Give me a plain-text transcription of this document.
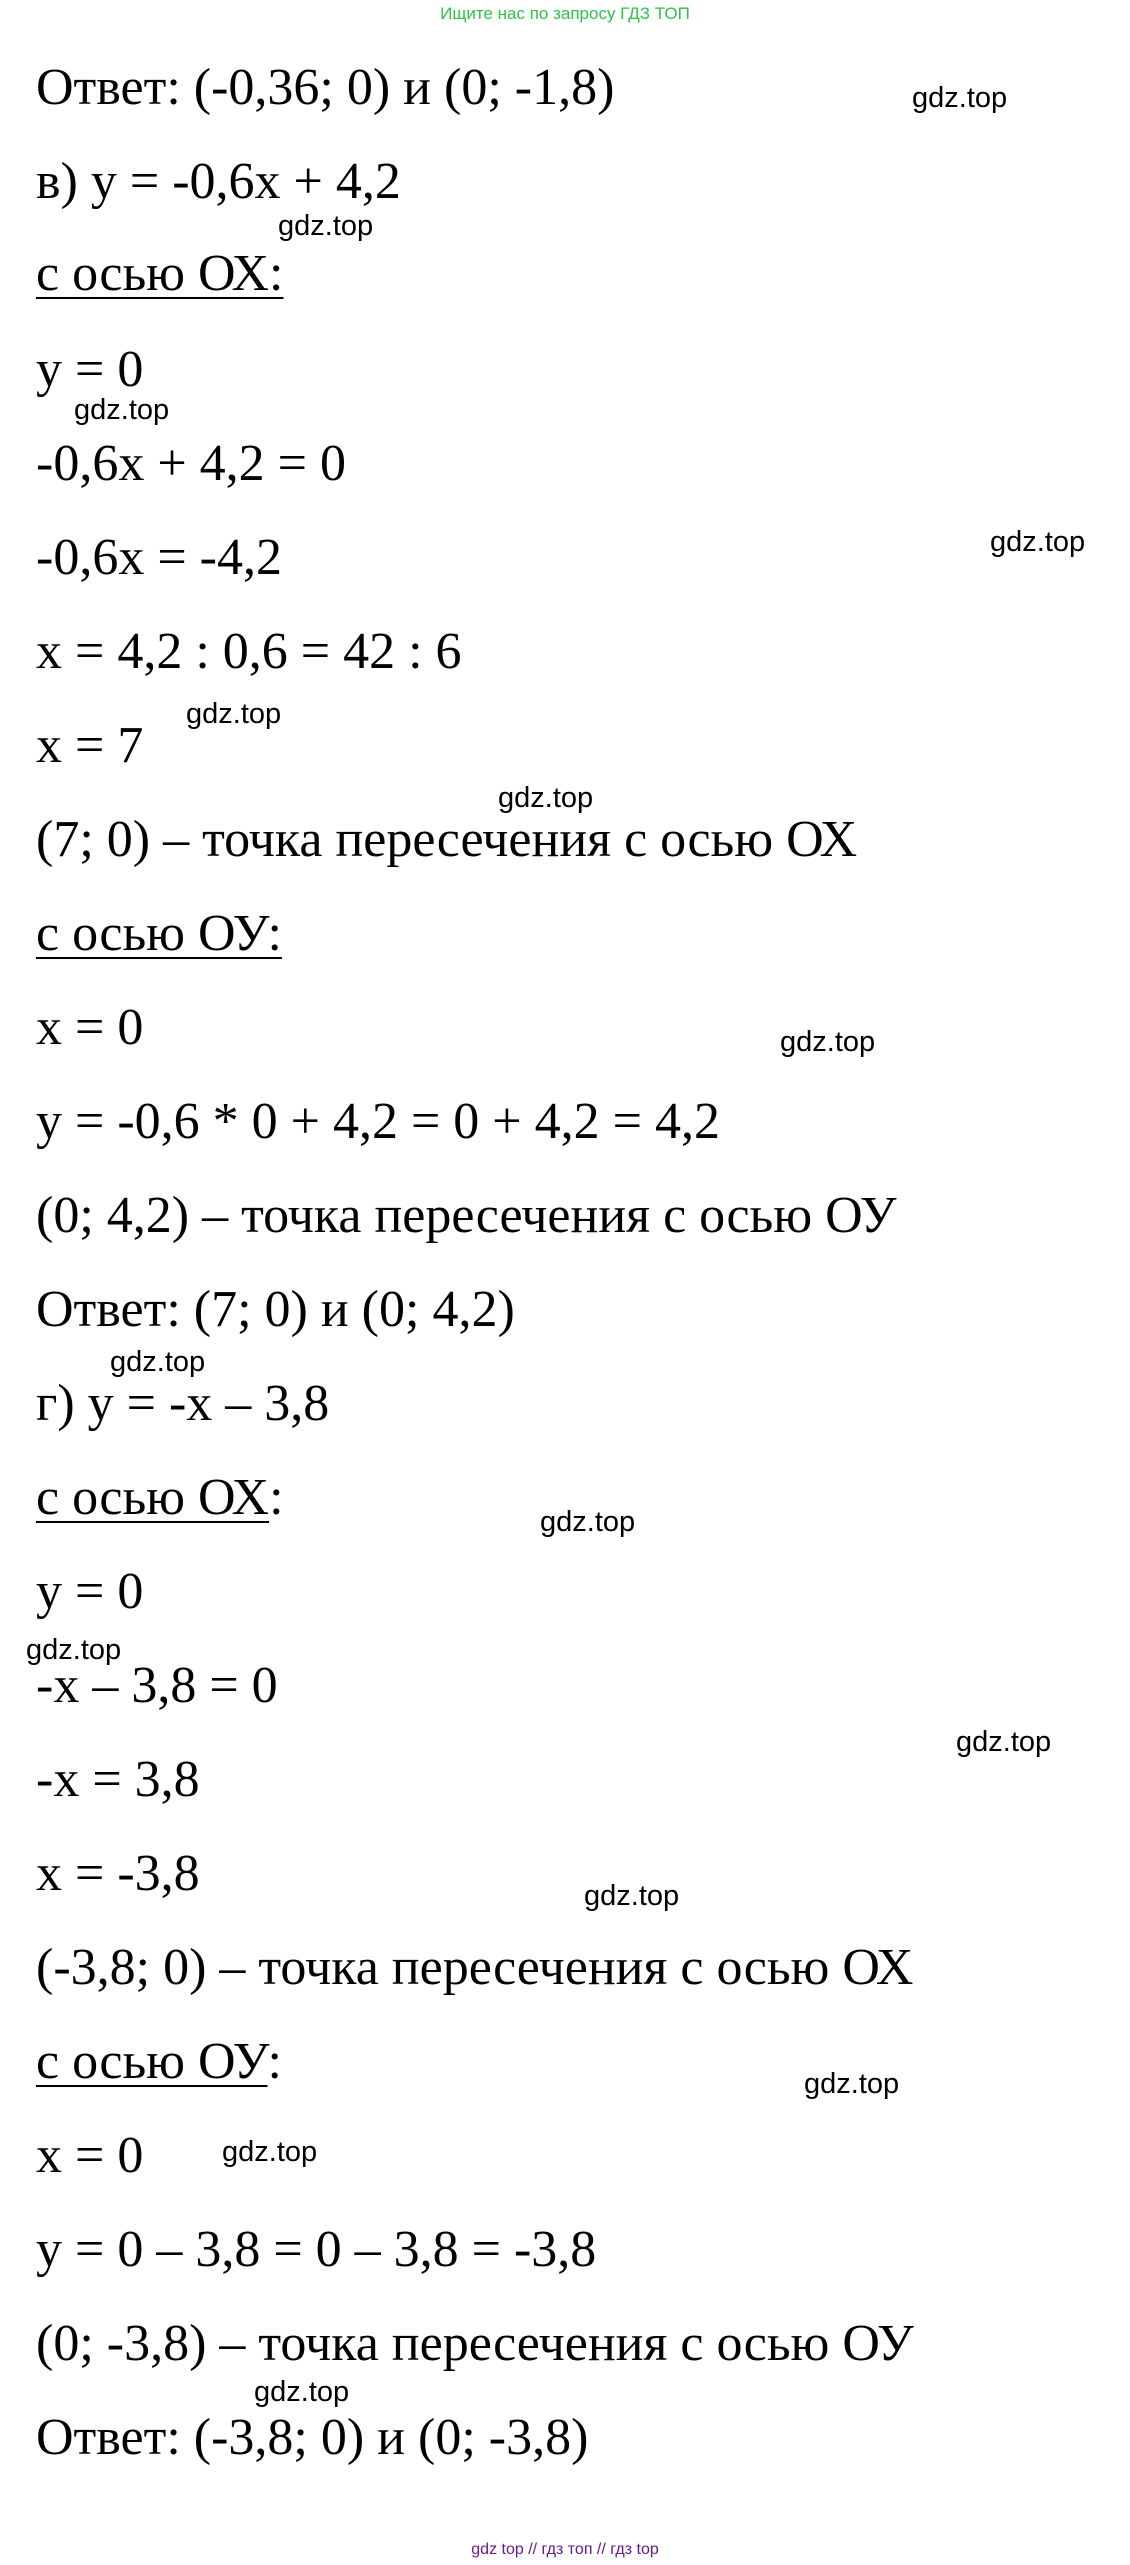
Ищите нас по запросу ГДЗ ТОП
Ответ: (-0,36; 0) и (0; -1,8)
в) у = -0,6х + 4,2
с осью ОХ:
у = 0
-0,6х + 4,2 = 0
-0,6х = -4,2
х = 4,2 : 0,6 = 42 : 6
х = 7
(7; 0) – точка пересечения с осью ОХ
с осью ОУ:
х = 0
у = -0,6 * 0 + 4,2 = 0 + 4,2 = 4,2
(0; 4,2) – точка пересечения с осью ОУ
Ответ: (7; 0) и (0; 4,2)
г) у = -х – 3,8
с осью ОХ:
у = 0
-х – 3,8 = 0
-х = 3,8
х = -3,8
(-3,8; 0) – точка пересечения с осью ОХ
с осью ОУ:
х = 0
у = 0 – 3,8 = 0 – 3,8 = -3,8
(0; -3,8) – точка пересечения с осью ОУ
Ответ: (-3,8; 0) и (0; -3,8)
gdz.top
gdz.top
gdz.top
gdz.top
gdz.top
gdz.top
gdz.top
gdz.top
gdz.top
gdz.top
gdz.top
gdz.top
gdz.top
gdz.top
gdz.top
gdz top // гдз топ // гдз top
